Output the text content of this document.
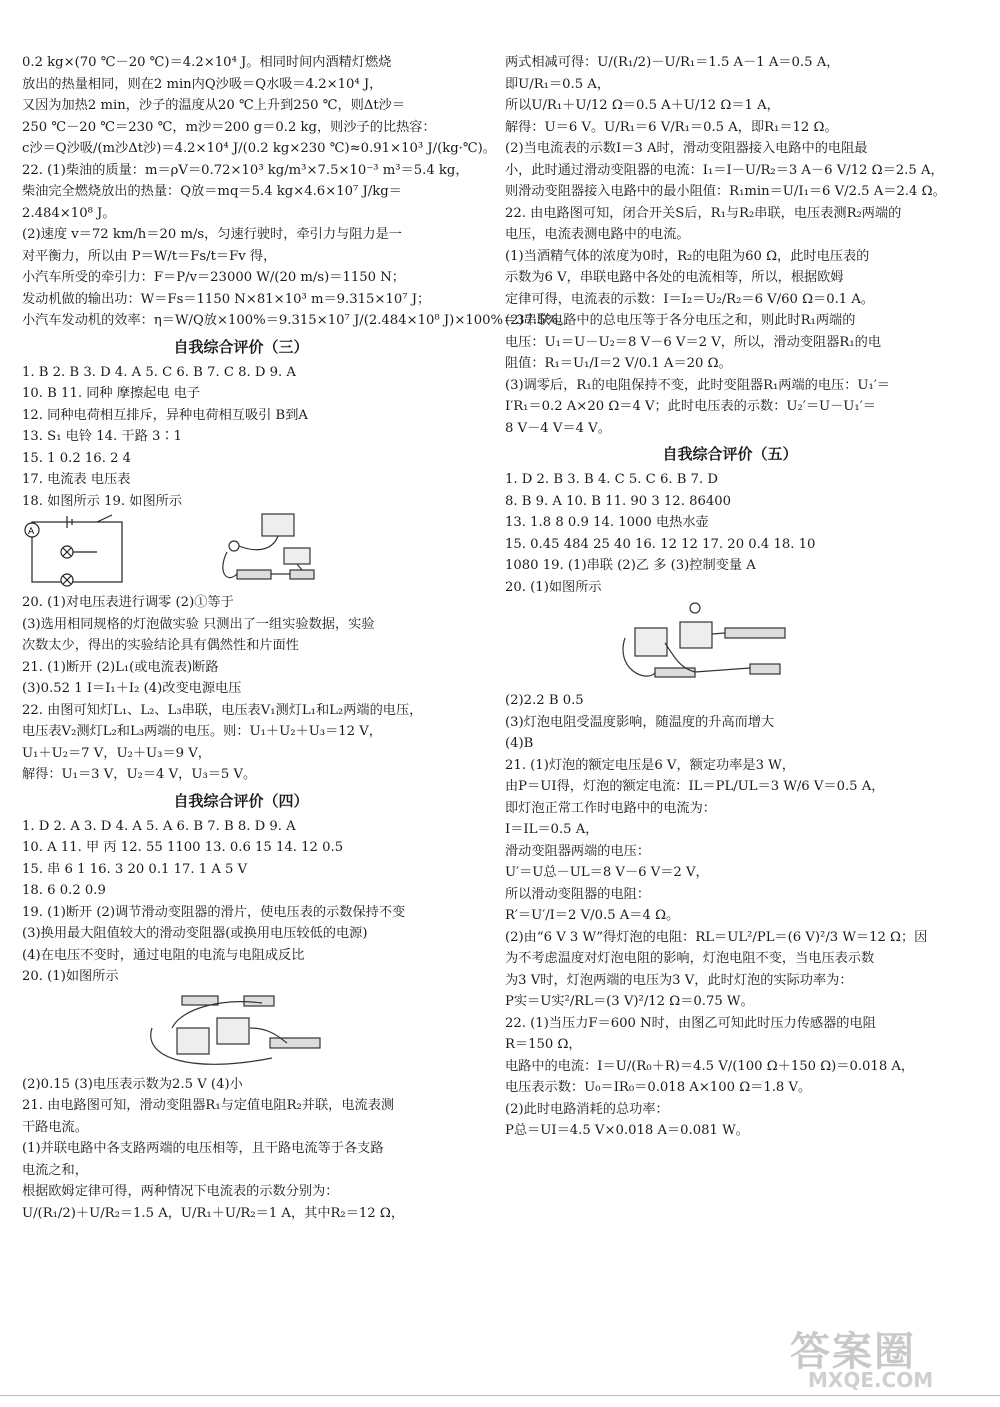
0.2 kg×(70 ℃－20 ℃)＝4.2×10⁴ J。相同时间内酒精灯燃烧
放出的热量相同，则在2 min内Q沙吸＝Q水吸＝4.2×10⁴ J，
又因为加热2 min，沙子的温度从20 ℃上升到250 ℃，则Δt沙＝
250 ℃－20 ℃＝230 ℃，m沙＝200 g＝0.2 kg，则沙子的比热容：
c沙＝Q沙吸/(m沙Δt沙)＝4.2×10⁴ J/(0.2 kg×230 ℃)≈0.91×10³ J/(kg·℃)。
22. (1)柴油的质量：m＝ρV＝0.72×10³ kg/m³×7.5×10⁻³ m³＝5.4 kg，
柴油完全燃烧放出的热量：Q放＝mq＝5.4 kg×4.6×10⁷ J/kg＝
2.484×10⁸ J。
(2)速度 v＝72 km/h＝20 m/s，匀速行驶时，牵引力与阻力是一
对平衡力，所以由 P＝W/t＝Fs/t＝Fv 得，
小汽车所受的牵引力：F＝P/v＝23000 W/(20 m/s)＝1150 N；
发动机做的输出功：W＝Fs＝1150 N×81×10³ m＝9.315×10⁷ J；
小汽车发动机的效率：η＝W/Q放×100%＝9.315×10⁷ J/(2.484×10⁸ J)×100%＝37.5%。
自我综合评价（三）
1. B 2. B 3. D 4. A 5. C 6. B 7. C 8. D 9. A
10. B 11. 同种 摩擦起电 电子
12. 同种电荷相互排斥，异种电荷相互吸引 B到A
13. S₁ 电铃 14. 干路 3∶1
15. 1 0.2 16. 2 4
17. 电流表 电压表
18. 如图所示 19. 如图所示
A
20. (1)对电压表进行调零 (2)①等于
(3)选用相同规格的灯泡做实验 只测出了一组实验数据，实验
次数太少，得出的实验结论具有偶然性和片面性
21. (1)断开 (2)L₁(或电流表)断路
(3)0.52 1 I＝I₁＋I₂ (4)改变电源电压
22. 由图可知灯L₁、L₂、L₃串联，电压表V₁测灯L₁和L₂两端的电压，
电压表V₂测灯L₂和L₃两端的电压。则：U₁＋U₂＋U₃＝12 V，
U₁＋U₂＝7 V，U₂＋U₃＝9 V，
解得：U₁＝3 V，U₂＝4 V，U₃＝5 V。
自我综合评价（四）
1. D 2. A 3. D 4. A 5. A 6. B 7. B 8. D 9. A
10. A 11. 甲 丙 12. 55 1100 13. 0.6 15 14. 12 0.5
15. 串 6 1 16. 3 20 0.1 17. 1 A 5 V
18. 6 0.2 0.9
19. (1)断开 (2)调节滑动变阻器的滑片，使电压表的示数保持不变
(3)换用最大阻值较大的滑动变阻器(或换用电压较低的电源)
(4)在电压不变时，通过电阻的电流与电阻成反比
20. (1)如图所示
(2)0.15 (3)电压表示数为2.5 V (4)小
21. 由电路图可知，滑动变阻器R₁与定值电阻R₂并联，电流表测
干路电流。
(1)并联电路中各支路两端的电压相等，且干路电流等于各支路
电流之和，
根据欧姆定律可得，两种情况下电流表的示数分别为：
U/(R₁/2)＋U/R₂＝1.5 A，U/R₁＋U/R₂＝1 A，其中R₂＝12 Ω，
两式相减可得：U/(R₁/2)－U/R₁＝1.5 A－1 A＝0.5 A，
即U/R₁＝0.5 A，
所以U/R₁＋U/12 Ω＝0.5 A＋U/12 Ω＝1 A，
解得：U＝6 V。U/R₁＝6 V/R₁＝0.5 A，即R₁＝12 Ω。
(2)当电流表的示数I＝3 A时，滑动变阻器接入电路中的电阻最
小，此时通过滑动变阻器的电流：I₁＝I－U/R₂＝3 A－6 V/12 Ω＝2.5 A，
则滑动变阻器接入电路中的最小阻值：R₁min＝U/I₁＝6 V/2.5 A＝2.4 Ω。
22. 由电路图可知，闭合开关S后，R₁与R₂串联，电压表测R₂两端的
电压，电流表测电路中的电流。
(1)当酒精气体的浓度为0时，R₂的电阻为60 Ω，此时电压表的
示数为6 V，串联电路中各处的电流相等，所以，根据欧姆
定律可得，电流表的示数：I＝I₂＝U₂/R₂＝6 V/60 Ω＝0.1 A。
(2)串联电路中的总电压等于各分电压之和，则此时R₁两端的
电压：U₁＝U－U₂＝8 V－6 V＝2 V，所以，滑动变阻器R₁的电
阻值：R₁＝U₁/I＝2 V/0.1 A＝20 Ω。
(3)调零后，R₁的电阻保持不变，此时变阻器R₁两端的电压：U₁′＝
I′R₁＝0.2 A×20 Ω＝4 V；此时电压表的示数：U₂′＝U－U₁′＝
8 V－4 V＝4 V。
自我综合评价（五）
1. D 2. B 3. B 4. C 5. C 6. B 7. D
8. B 9. A 10. B 11. 90 3 12. 86400
13. 1.8 8 0.9 14. 1000 电热水壶
15. 0.45 484 25 40 16. 12 12 17. 20 0.4 18. 10
1080 19. (1)串联 (2)乙 多 (3)控制变量 A
20. (1)如图所示
(2)2.2 B 0.5
(3)灯泡电阻受温度影响，随温度的升高而增大
(4)B
21. (1)灯泡的额定电压是6 V，额定功率是3 W，
由P＝UI得，灯泡的额定电流：IL＝PL/UL＝3 W/6 V＝0.5 A，
即灯泡正常工作时电路中的电流为：
I＝IL＝0.5 A，
滑动变阻器两端的电压：
U′＝U总－UL＝8 V－6 V＝2 V，
所以滑动变阻器的电阻：
R′＝U′/I＝2 V/0.5 A＝4 Ω。
(2)由“6 V 3 W”得灯泡的电阻：RL＝UL²/PL＝(6 V)²/3 W＝12 Ω；因
为不考虑温度对灯泡电阻的影响，灯泡电阻不变，当电压表示数
为3 V时，灯泡两端的电压为3 V，此时灯泡的实际功率为：
P实＝U实²/RL＝(3 V)²/12 Ω＝0.75 W。
22. (1)当压力F＝600 N时，由图乙可知此时压力传感器的电阻
R＝150 Ω，
电路中的电流：I＝U/(R₀＋R)＝4.5 V/(100 Ω＋150 Ω)＝0.018 A，
电压表示数：U₀＝IR₀＝0.018 A×100 Ω＝1.8 V。
(2)此时电路消耗的总功率：
P总＝UI＝4.5 V×0.018 A＝0.081 W。
答案圈
MXQE.COM
